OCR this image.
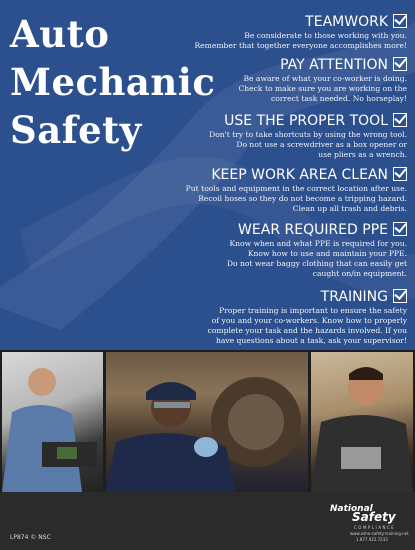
Auto
Mechanic
Safety
TEAMWORK
Be considerate to those working with you.
Remember that together everyone accomplishes more!
PAY ATTENTION
Be aware of what your co-worker is doing.
Check to make sure you are working on the
correct task needed. No horseplay!
USE THE PROPER TOOL
Don't try to take shortcuts by using the wrong tool.
Do not use a screwdriver as a box opener or
use pliers as a wrench.
KEEP WORK AREA CLEAN
Put tools and equipment in the correct location after use.
Recoil hoses so they do not become a tripping hazard.
Clean up all trash and debris.
WEAR REQUIRED PPE
Know when and what PPE is required for you.
Know how to use and maintain your PPE.
Do not wear baggy clothing that can easily get
caught on/in equipment.
TRAINING
Proper training is important to ensure the safety
of you and your co-workers. Know how to properly
complete your task and the hazards involved. If you
have questions about a task, ask your supervisor!
LP874 © NSC
National
Safety
COMPLIANCE
www.osha-safety-training.net
1.877.922.7233
